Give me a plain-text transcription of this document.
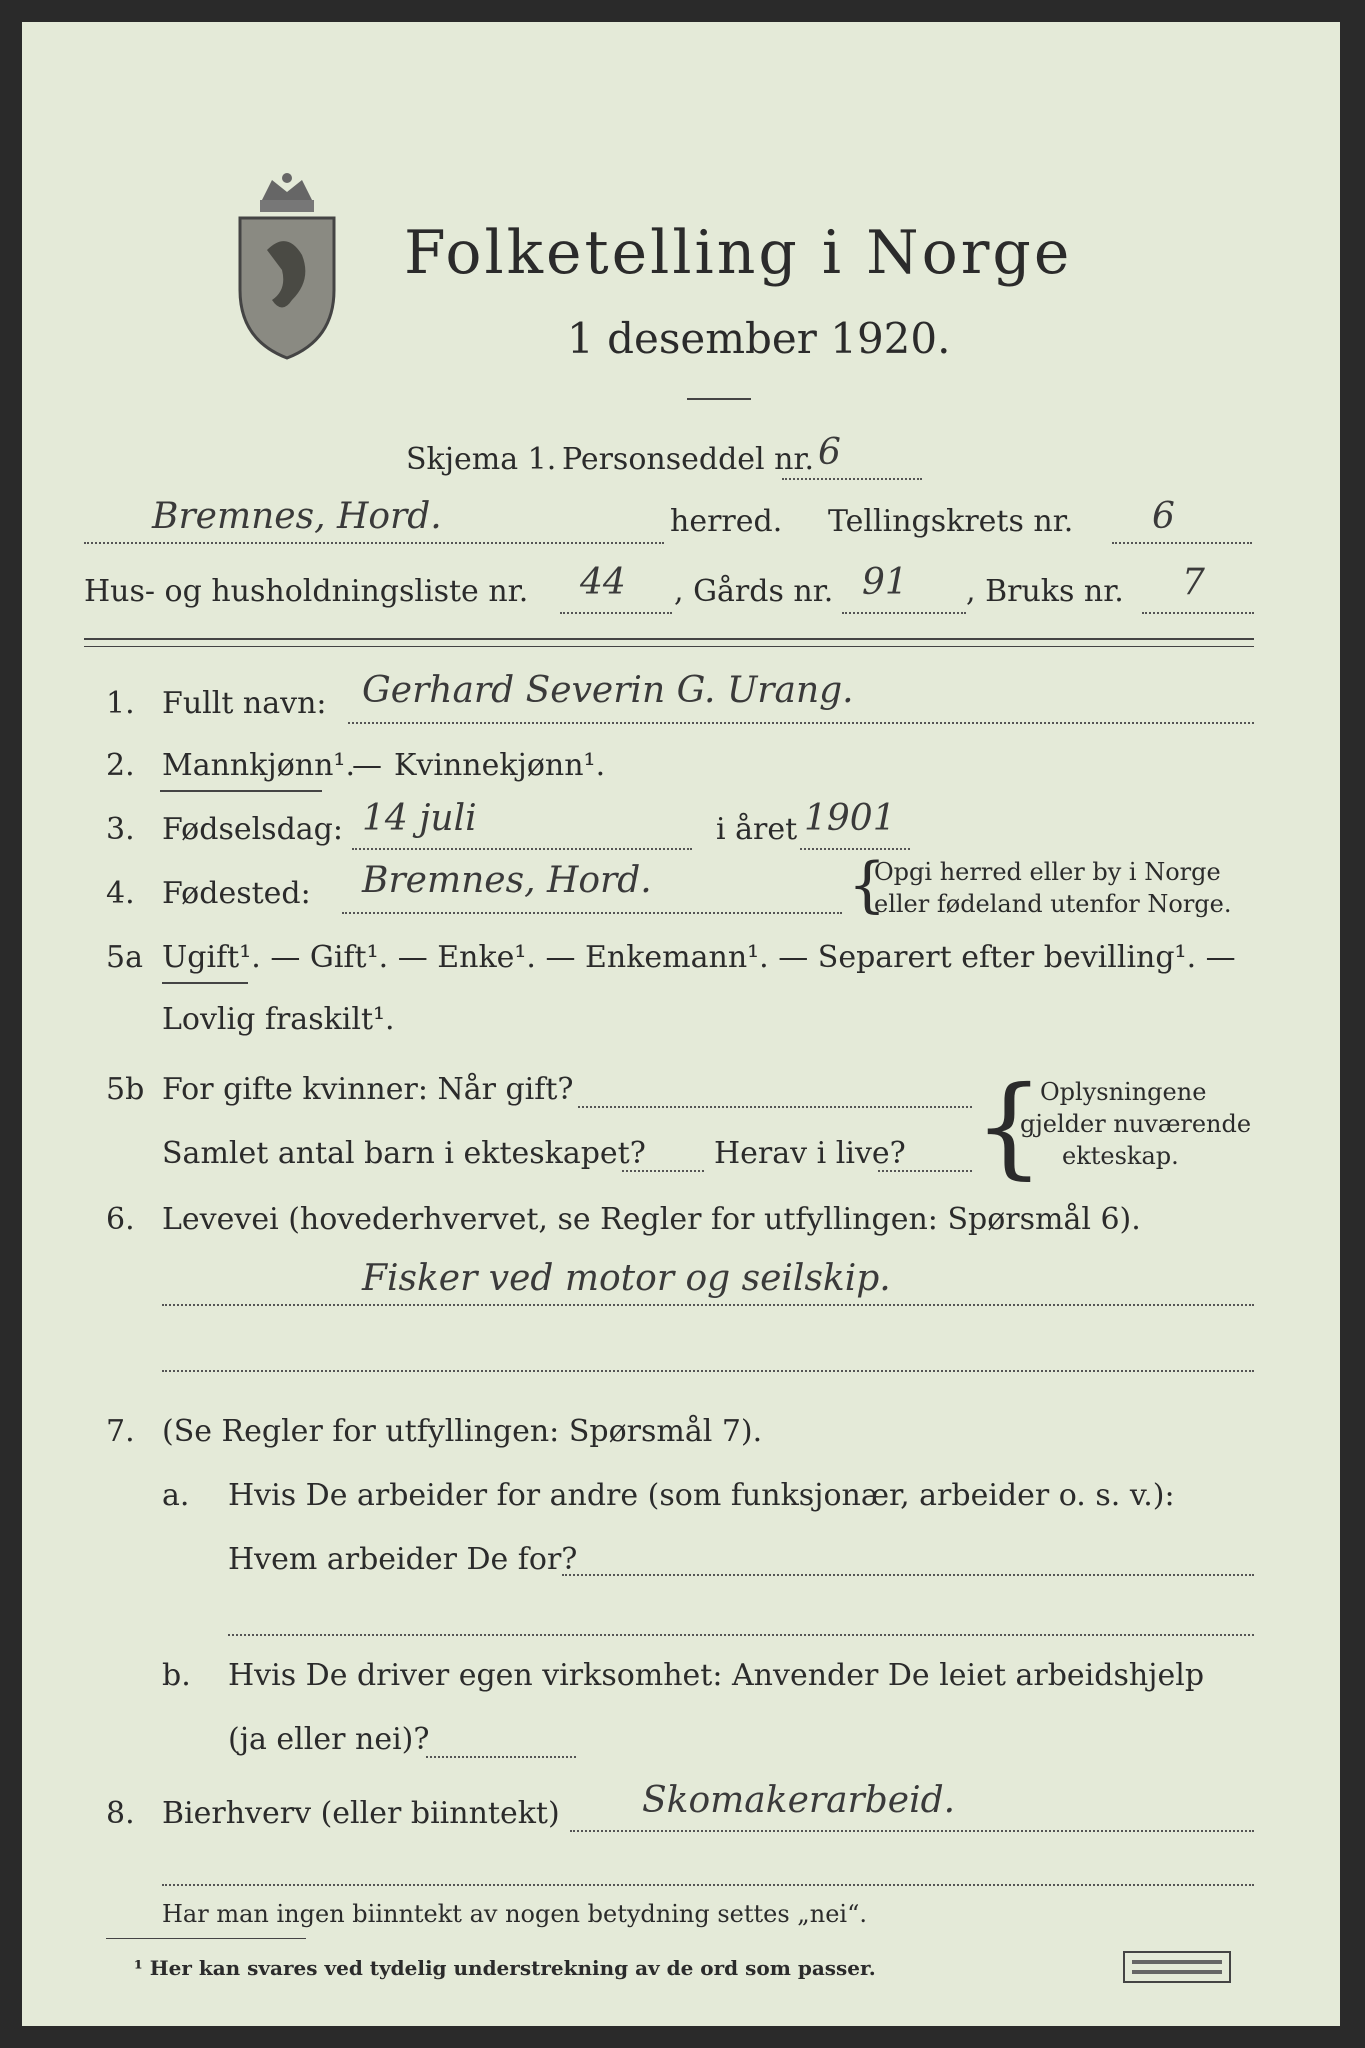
Folketelling i Norge
1 desember 1920.
Skjema 1. Personseddel nr. 6
Bremnes, Hord.	herred. Tellingskrets nr. 6
Hus- og husholdningsliste nr. 44 , Gårds nr. 91 , Bruks nr. 7
1. Fullt navn: Gerhard Severin G. Urang.
2. Mannkjønn¹.
— Kvinnekjønn¹.
3. Fødselsdag: 14 juli	i året 1901
4. Fødested: Bremnes, Hord.	{
Opgi herred eller by i Norge
eller fødeland utenfor Norge.
5a Ugift¹. — Gift¹. — Enke¹. — Enkemann¹. — Separert efter bevilling¹. —
Lovlig fraskilt¹.
5b For gifte kvinner: Når gift?
Samlet antal barn i ekteskapet? Herav i live? {
Oplysningene
gjelder nuværende
ekteskap.
6. Levevei (hovederhvervet, se Regler for utfyllingen: Spørsmål 6).
Fisker ved motor og seilskip.
7. (Se Regler for utfyllingen: Spørsmål 7).
a. Hvis De arbeider for andre (som funksjonær, arbeider o. s. v.):
Hvem arbeider De for?
b. Hvis De driver egen virksomhet: Anvender De leiet arbeidshjelp
(ja eller nei)?
8. Bierhverv (eller biinntekt) Skomakerarbeid.
Har man ingen biinntekt av nogen betydning settes „nei“.
¹ Her kan svares ved tydelig understrekning av de ord som passer.
